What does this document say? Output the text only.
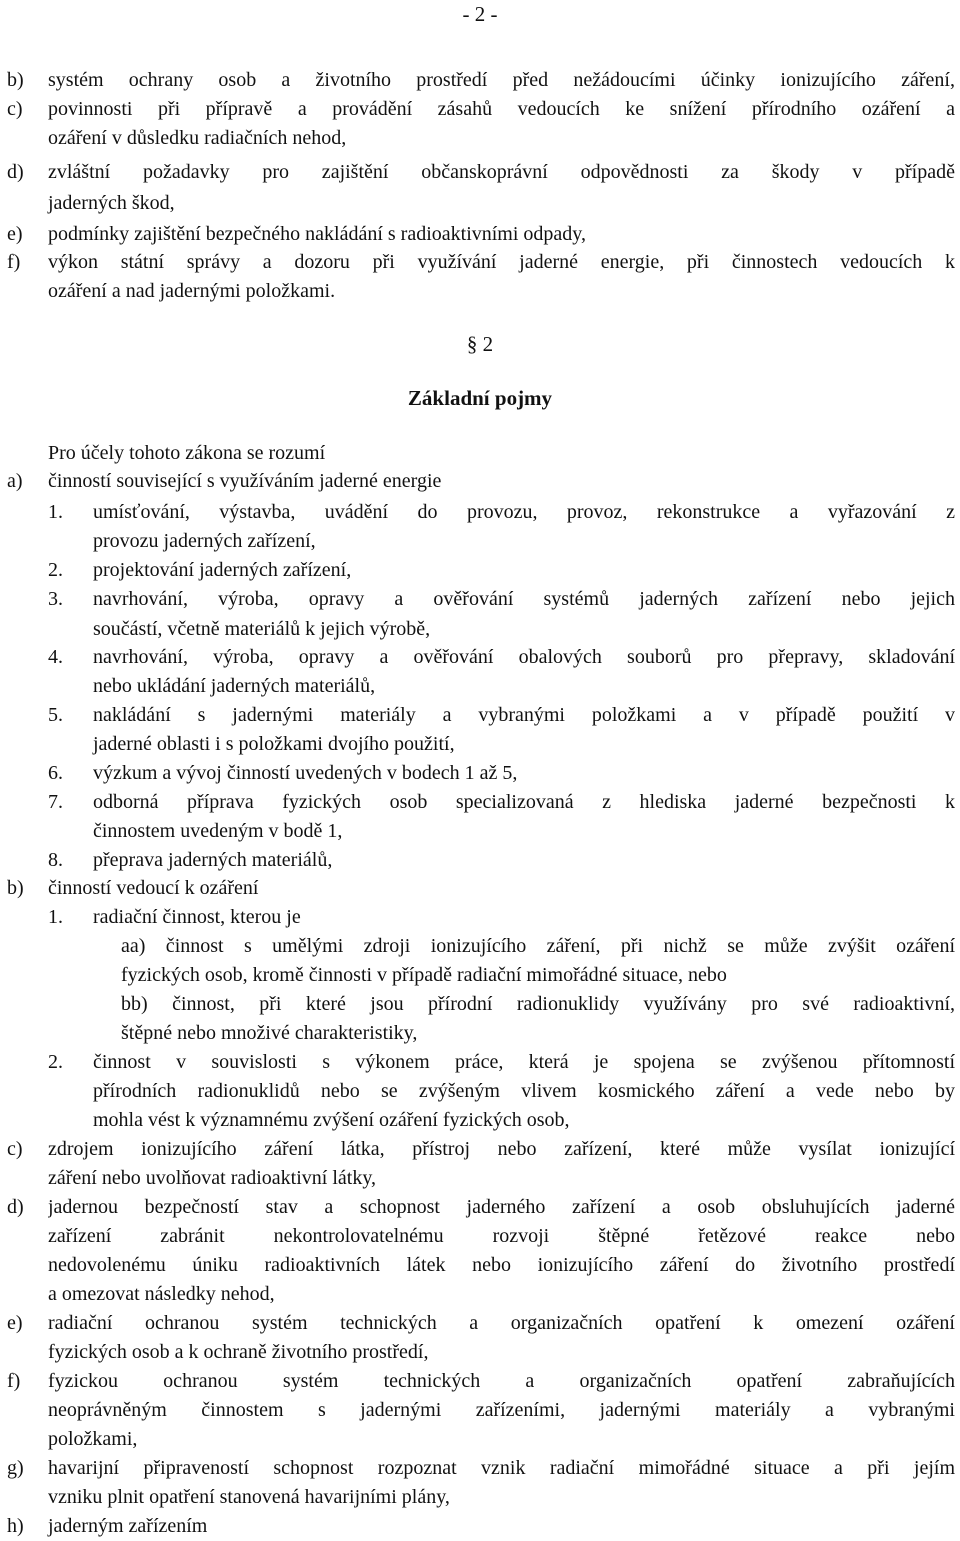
- 2 -
b) systém ochrany osob a životního prostředí před nežádoucími účinky ionizujícího záření,
c) povinnosti při přípravě a provádění zásahů vedoucích ke snížení přírodního ozáření a
ozáření v důsledku radiačních nehod,
d) zvláštní požadavky pro zajištění občanskoprávní odpovědnosti za škody v případě
jaderných škod,
e) podmínky zajištění bezpečného nakládání s radioaktivními odpady,
f) výkon státní správy a dozoru při využívání jaderné energie, při činnostech vedoucích k
ozáření a nad jadernými položkami.
§ 2
Základní pojmy
Pro účely tohoto zákona se rozumí
a) činností související s využíváním jaderné energie
1. umísťování, výstavba, uvádění do provozu, provoz, rekonstrukce a vyřazování z
provozu jaderných zařízení,
2. projektování jaderných zařízení,
3. navrhování, výroba, opravy a ověřování systémů jaderných zařízení nebo jejich
součástí, včetně materiálů k jejich výrobě,
4. navrhování, výroba, opravy a ověřování obalových souborů pro přepravy, skladování
nebo ukládání jaderných materiálů,
5. nakládání s jadernými materiály a vybranými položkami a v případě použití v
jaderné oblasti i s položkami dvojího použití,
6. výzkum a vývoj činností uvedených v bodech 1 až 5,
7. odborná příprava fyzických osob specializovaná z hlediska jaderné bezpečnosti k
činnostem uvedeným v bodě 1,
8. přeprava jaderných materiálů,
b) činností vedoucí k ozáření
1. radiační činnost, kterou je
aa) činnost s umělými zdroji ionizujícího záření, při nichž se může zvýšit ozáření
fyzických osob, kromě činnosti v případě radiační mimořádné situace, nebo
bb) činnost, při které jsou přírodní radionuklidy využívány pro své radioaktivní,
štěpné nebo množivé charakteristiky,
2. činnost v souvislosti s výkonem práce, která je spojena se zvýšenou přítomností
přírodních radionuklidů nebo se zvýšeným vlivem kosmického záření a vede nebo by
mohla vést k významnému zvýšení ozáření fyzických osob,
c) zdrojem ionizujícího záření látka, přístroj nebo zařízení, které může vysílat ionizující
záření nebo uvolňovat radioaktivní látky,
d) jadernou bezpečností stav a schopnost jaderného zařízení a osob obsluhujících jaderné
zařízení zabránit nekontrolovatelnému rozvoji štěpné řetězové reakce nebo
nedovolenému úniku radioaktivních látek nebo ionizujícího záření do životního prostředí
a omezovat následky nehod,
e) radiační ochranou systém technických a organizačních opatření k omezení ozáření
fyzických osob a k ochraně životního prostředí,
f) fyzickou ochranou systém technických a organizačních opatření zabraňujících
neoprávněným činnostem s jadernými zařízeními, jadernými materiály a vybranými
položkami,
g) havarijní připraveností schopnost rozpoznat vznik radiační mimořádné situace a při jejím
vzniku plnit opatření stanovená havarijními plány,
h) jaderným zařízením
